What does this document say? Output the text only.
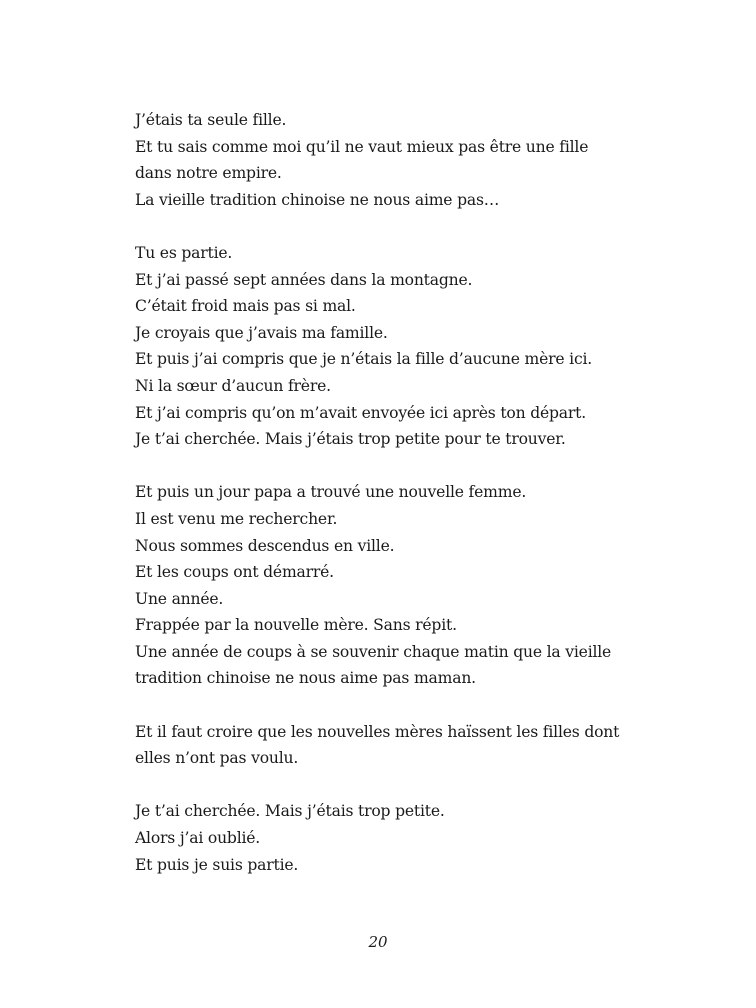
J’étais ta seule fille.
Et tu sais comme moi qu’il ne vaut mieux pas être une fille
dans notre empire.
La vieille tradition chinoise ne nous aime pas…
Tu es partie.
Et j’ai passé sept années dans la montagne.
C’était froid mais pas si mal.
Je croyais que j’avais ma famille.
Et puis j’ai compris que je n’étais la fille d’aucune mère ici.
Ni la sœur d’aucun frère.
Et j’ai compris qu’on m’avait envoyée ici après ton départ.
Je t’ai cherchée. Mais j’étais trop petite pour te trouver.
Et puis un jour papa a trouvé une nouvelle femme.
Il est venu me rechercher.
Nous sommes descendus en ville.
Et les coups ont démarré.
Une année.
Frappée par la nouvelle mère. Sans répit.
Une année de coups à se souvenir chaque matin que la vieille
tradition chinoise ne nous aime pas maman.
Et il faut croire que les nouvelles mères haïssent les filles dont
elles n’ont pas voulu.
Je t’ai cherchée. Mais j’étais trop petite.
Alors j’ai oublié.
Et puis je suis partie.
20
